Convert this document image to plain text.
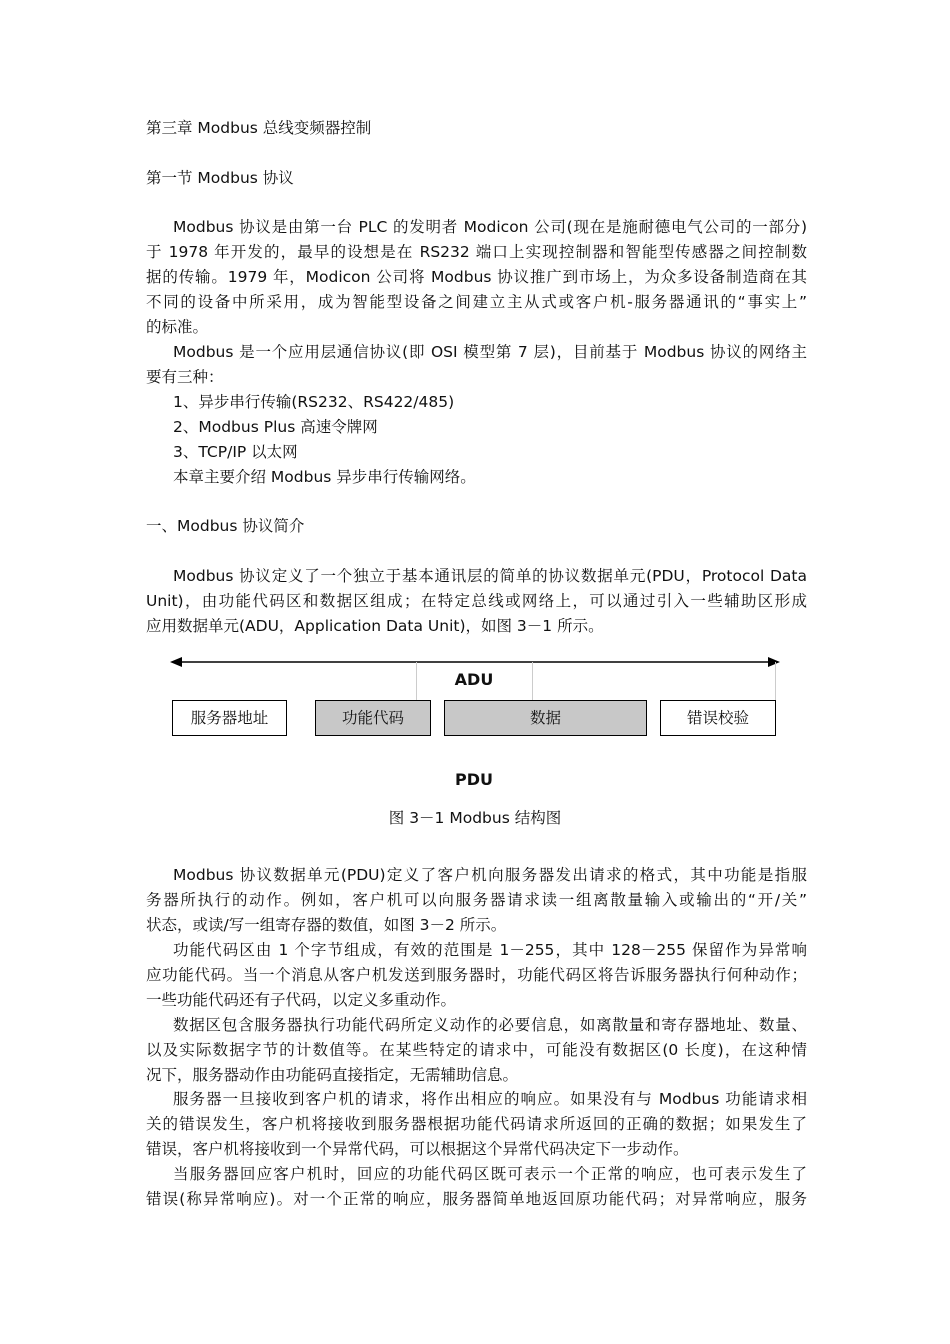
第三章 Modbus 总线变频器控制

第一节 Modbus 协议

Modbus 协议是由第一台 PLC 的发明者 Modicon 公司(现在是施耐德电气公司的一部分)

于 1978 年开发的，最早的设想是在 RS232 端口上实现控制器和智能型传感器之间控制数

据的传输。1979 年，Modicon 公司将 Modbus 协议推广到市场上，为众多设备制造商在其

不同的设备中所采用，成为智能型设备之间建立主从式或客户机-服务器通讯的“事实上”

的标准。

Modbus 是一个应用层通信协议(即 OSI 模型第 7 层)，目前基于 Modbus 协议的网络主

要有三种：

1、异步串行传输(RS232、RS422/485)

2、Modbus Plus 高速令牌网

3、TCP/IP 以太网

本章主要介绍 Modbus 异步串行传输网络。

一、Modbus 协议简介

Modbus 协议定义了一个独立于基本通讯层的简单的协议数据单元(PDU，Protocol Data

Unit)，由功能代码区和数据区组成；在特定总线或网络上，可以通过引入一些辅助区形成

应用数据单元(ADU，Application Data Unit)，如图 3－1 所示。

ADU
服务器地址	功能代码	数据	错误校验
PDU

图 3－1 Modbus 结构图

Modbus 协议数据单元(PDU)定义了客户机向服务器发出请求的格式，其中功能是指服

务器所执行的动作。例如，客户机可以向服务器请求读一组离散量输入或输出的“开/关”

状态，或读/写一组寄存器的数值，如图 3－2 所示。

功能代码区由 1 个字节组成，有效的范围是 1－255，其中 128－255 保留作为异常响

应功能代码。当一个消息从客户机发送到服务器时，功能代码区将告诉服务器执行何种动作；

一些功能代码还有子代码，以定义多重动作。

数据区包含服务器执行功能代码所定义动作的必要信息，如离散量和寄存器地址、数量、

以及实际数据字节的计数值等。在某些特定的请求中，可能没有数据区(0 长度)，在这种情

况下，服务器动作由功能码直接指定，无需辅助信息。

服务器一旦接收到客户机的请求，将作出相应的响应。如果没有与 Modbus 功能请求相

关的错误发生，客户机将接收到服务器根据功能代码请求所返回的正确的数据；如果发生了

错误，客户机将接收到一个异常代码，可以根据这个异常代码决定下一步动作。

当服务器回应客户机时，回应的功能代码区既可表示一个正常的响应，也可表示发生了

错误(称异常响应)。对一个正常的响应，服务器简单地返回原功能代码；对异常响应，服务
